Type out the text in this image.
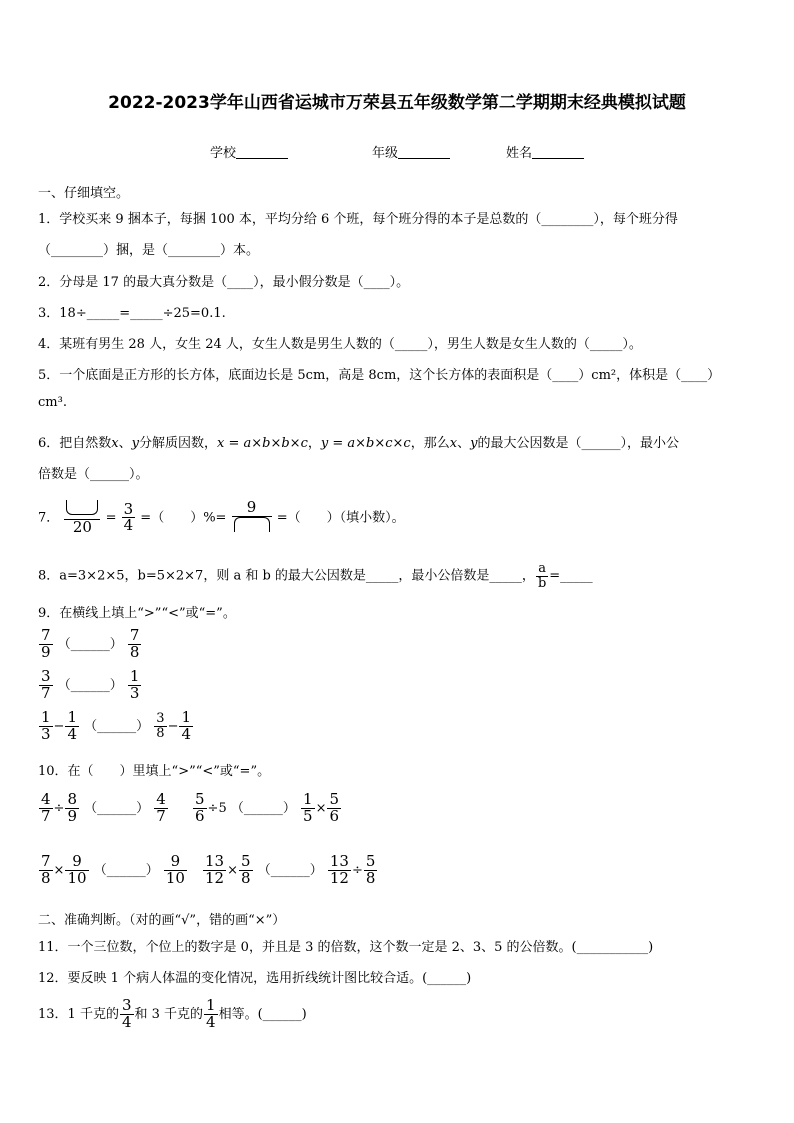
2022-2023学年山西省运城市万荣县五年级数学第二学期期末经典模拟试题
学校	年级	姓名
一、仔细填空。
1．学校买来 9 捆本子，每捆 100 本，平均分给 6 个班，每个班分得的本子是总数的（________），每个班分得
（________）捆，是（________）本。
2．分母是 17 的最大真分数是（____），最小假分数是（____）。
3．18÷_____=_____÷25=0.1.
4．某班有男生 28 人，女生 24 人，女生人数是男生人数的（_____），男生人数是女生人数的（_____）。
5．一个底面是正方形的长方体，底面边长是 5cm，高是 8cm，这个长方体的表面积是（____）cm²，体积是（____）
cm³.
6．把自然数x、y分解质因数，x = a×b×b×c，y = a×b×c×c，那么x、y的最大公因数是（______），最小公
倍数是（______）。
7． 20	= $\frac{3}{4}$ =（　　）%=
9
=（　　）（填小数）。
8．a=3×2×5，b=5×2×7，则 a 和 b 的最大公因数是_____，最小公倍数是_____， $\frac{a}{b}$ =_____
9．在横线上填上“>”“<”或“=”。
$\frac{7}{9}$ （______） $\frac{7}{8}$
$\frac{3}{7}$ （______） $\frac{1}{3}$
$\frac{1}{3} - \frac{1}{4}$ （______） $\frac{3}{8} - \frac{1}{4}$
10．在（　　）里填上“>”“<”或“=”。
$\frac{4}{7} \div \frac{8}{9}$ （______） $\frac{4}{7} \frac{5}{6} \div 5$ （______） $\frac{1}{5} \times \frac{5}{6}$
$\frac{7}{8} \times \frac{9}{10}$ （______） $\frac{9}{10} \frac{13}{12} \times \frac{5}{8}$ （______） $\frac{13}{12} \div \frac{5}{8}$
二、准确判断。（对的画“√”，错的画“×”）
11．一个三位数，个位上的数字是 0，并且是 3 的倍数，这个数一定是 2、3、5 的公倍数。(___________)
12．要反映 1 个病人体温的变化情况，选用折线统计图比较合适。(______)
13．1 千克的 $\frac{3}{4}$ 和 3 千克的 $\frac{1}{4}$ 相等。(______)
